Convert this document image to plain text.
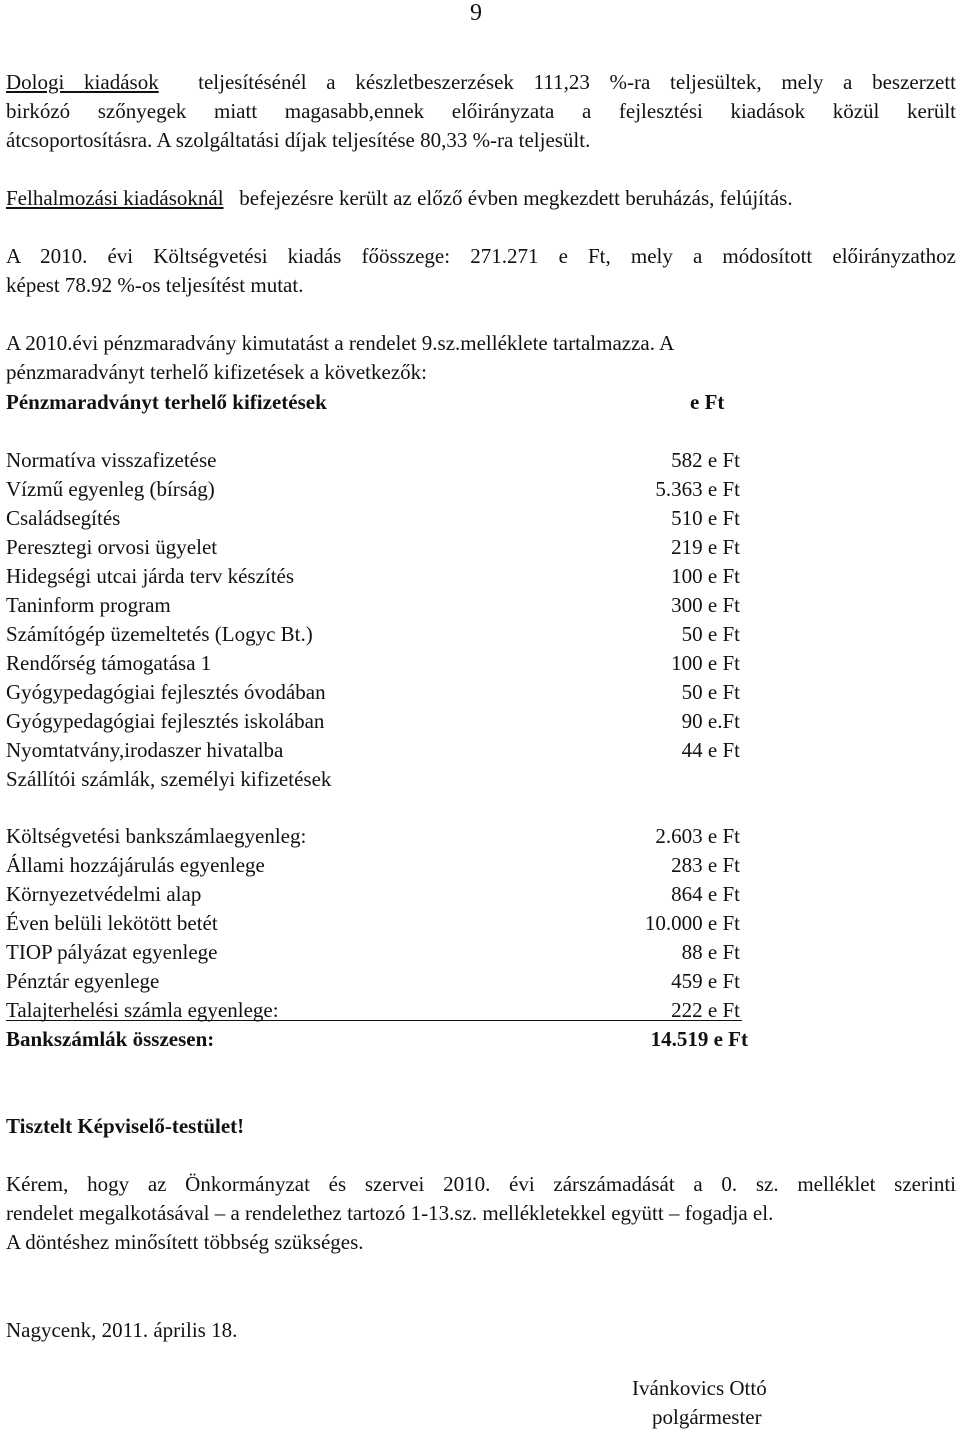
9
Dologi kiadások teljesítésénél a készletbeszerzések 111,23 %-ra teljesültek, mely a beszerzett
birkózó szőnyegek miatt magasabb,ennek előirányzata a fejlesztési kiadások közül került
átcsoportosításra. A szolgáltatási díjak teljesítése 80,33 %-ra teljesült.
Felhalmozási kiadásoknál befejezésre került az előző évben megkezdett beruházás, felújítás.
A 2010. évi Költségvetési kiadás főösszege: 271.271 e Ft, mely a módosított előirányzathoz
képest 78.92 %-os teljesítést mutat.
A 2010.évi pénzmaradvány kimutatást a rendelet 9.sz.melléklete tartalmazza. A
pénzmaradványt terhelő kifizetések a következők:
Pénzmaradványt terhelő kifizetések	e Ft
Normatíva visszafizetése	582 e Ft
Vízmű egyenleg (bírság)	5.363 e Ft
Családsegítés	510 e Ft
Peresztegi orvosi ügyelet	219 e Ft
Hidegségi utcai járda terv készítés	100 e Ft
Taninform program	300 e Ft
Számítógép üzemeltetés (Logyc Bt.)	50 e Ft
Rendőrség támogatása 1	100 e Ft
Gyógypedagógiai fejlesztés óvodában	50 e Ft
Gyógypedagógiai fejlesztés iskolában	90 e.Ft
Nyomtatvány,irodaszer hivatalba	44 e Ft
Szállítói számlák, személyi kifizetések
Költségvetési bankszámlaegyenleg:	2.603 e Ft
Állami hozzájárulás egyenlege	283 e Ft
Környezetvédelmi alap	864 e Ft
Éven belüli lekötött betét	10.000 e Ft
TIOP pályázat egyenlege	88 e Ft
Pénztár egyenlege	459 e Ft
Talajterhelési számla egyenlege:	222 e Ft
Bankszámlák összesen:	14.519 e Ft
Tisztelt Képviselő-testület!
Kérem, hogy az Önkormányzat és szervei 2010. évi zárszámadását a 0. sz. melléklet szerinti
rendelet megalkotásával – a rendelethez tartozó 1-13.sz. mellékletekkel együtt – fogadja el.
A döntéshez minősített többség szükséges.
Nagycenk, 2011. április 18.
Ivánkovics Ottó
polgármester
